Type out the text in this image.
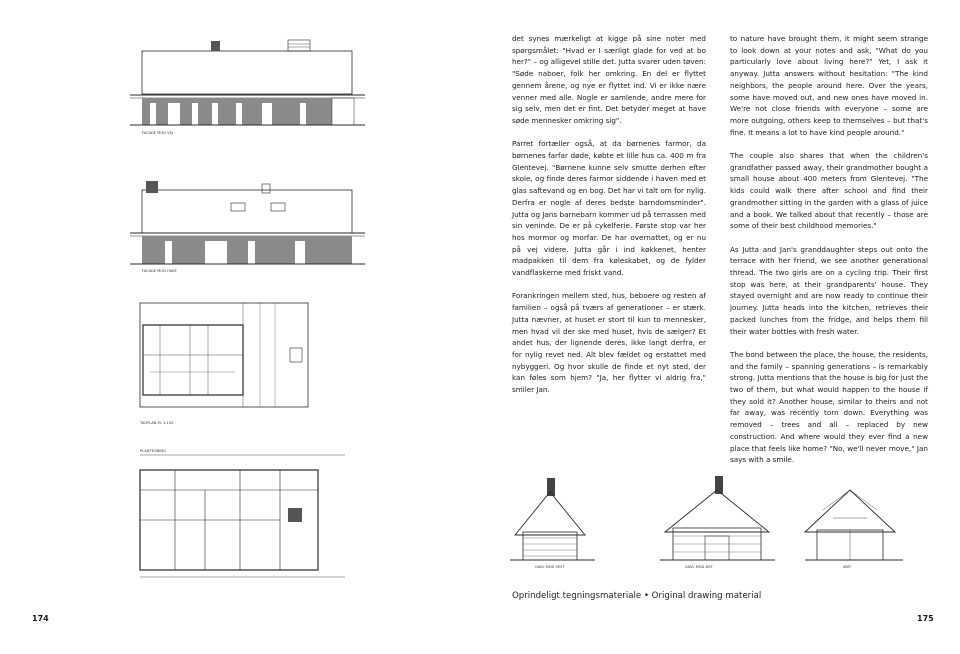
FACADE MOD VEJ
FACADE MOD HAVE
TAGPLAN M. 1:100
PLANTEGNING
174

det synes mærkeligt at kigge på sine noter med spørgsmålet: "Hvad er I særligt glade for ved at bo her?" – og alligevel stille det. Jutta svarer uden tøven: "Søde naboer, folk her omkring. En del er flyttet gennem årene, og nye er flyttet ind. Vi er ikke nære venner med alle. Nogle er samlende, andre mere for sig selv, men det er fint. Det betyder meget at have søde mennesker omkring sig".

Parret fortæller også, at da børnenes farmor, da børnenes farfar døde, købte et lille hus ca. 400 m fra Glentevej. "Børnene kunne selv smutte derhen efter skole, og finde deres farmor siddende i haven med et glas saftevand og en bog. Det har vi talt om for nylig. Derfra er nogle af deres bedste barndomsminder". Jutta og Jans barnebarn kommer ud på terrassen med sin veninde. De er på cykelferie. Første stop var her hos mormor og morfar. De har overnattet, og er nu på vej videre. Jutta går i ind køkkenet, henter madpakken til dem fra køleskabet, og de fylder vandflaskerne med friskt vand.

Forankringen mellem sted, hus, beboere og resten af familien – også på tværs af generationer – er stærk. Jutta nævner, at huset er stort til kun to mennesker, men hvad vil der ske med huset, hvis de sælger? Et andet hus, der lignende deres, ikke langt derfra, er for nylig revet ned. Alt blev fældet og erstattet med nybyggeri. Og hvor skulle de finde et nyt sted, der kan føles som hjem? "Ja, her flytter vi aldrig fra," smiler Jan.

to nature have brought them, it might seem strange to look down at your notes and ask, "What do you particularly love about living here?" Yet, I ask it anyway. Jutta answers without hesitation: "The kind neighbors, the people around here. Over the years, some have moved out, and new ones have moved in. We're not close friends with everyone – some are more outgoing, others keep to themselves – but that's fine. It means a lot to have kind people around."

The couple also shares that when the children's grandfather passed away, their grandmother bought a small house about 400 meters from Glentevej. "The kids could walk there after school and find their grandmother sitting in the garden with a glass of juice and a book. We talked about that recently – those are some of their best childhood memories."

As Jutta and Jan's granddaughter steps out onto the terrace with her friend, we see another generational thread. The two girls are on a cycling trip. Their first stop was here, at their grandparents' house. They stayed overnight and are now ready to continue their journey. Jutta heads into the kitchen, retrieves their packed lunches from the fridge, and helps them fill their water bottles with fresh water.

The bond between the place, the house, the residents, and the family – spanning generations – is remarkably strong. Jutta mentions that the house is big for just the two of them, but what would happen to the house if they sold it? Another house, similar to theirs and not far away, was recently torn down. Everything was removed – trees and all – replaced by new construction. And where would they ever find a new place that feels like home? "No, we'll never move," Jan says with a smile.

GAVL MOD VEST	GAVL MOD ØST	SNIT
Oprindeligt tegningsmateriale • Original drawing material
175
